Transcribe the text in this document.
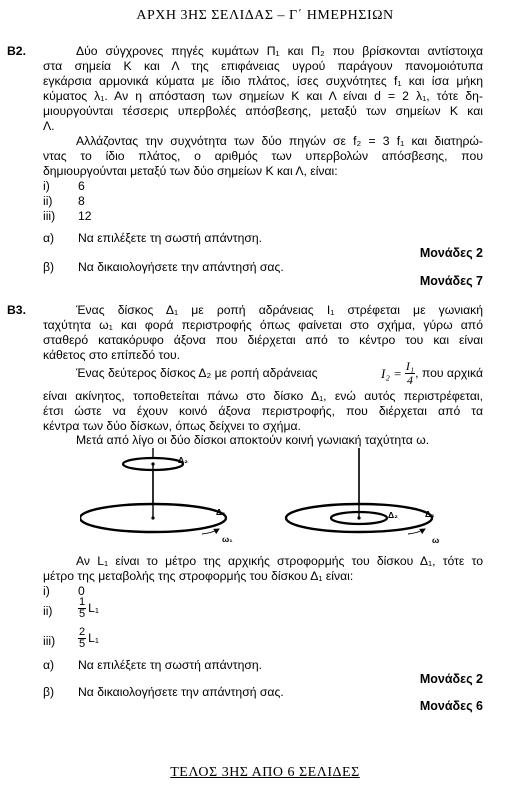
ΑΡΧΗ 3ΗΣ ΣΕΛΙΔΑΣ – Γ΄ ΗΜΕΡΗΣΙΩΝ
Β2.	Δύο σύγχρονες πηγές κυμάτων Π₁ και Π₂ που βρίσκονται αντίστοιχα
στα σημεία Κ και Λ της επιφάνειας υγρού παράγουν πανομοιότυπα
εγκάρσια αρμονικά κύματα με ίδιο πλάτος, ίσες συχνότητες f₁ και ίσα μήκη
κύματος λ₁. Αν η απόσταση των σημείων Κ και Λ είναι d = 2 λ₁, τότε δη-
μιουργούνται τέσσερις υπερβολές απόσβεσης, μεταξύ των σημείων Κ και
Λ.
Αλλάζοντας την συχνότητα των δύο πηγών σε f₂ = 3 f₁ και διατηρώ-
ντας το ίδιο πλάτος, ο αριθμός των υπερβολών απόσβεσης, που
δημιουργούνται μεταξύ των δύο σημείων Κ και Λ, είναι:
i) 6
ii) 8
iii) 12
α) Να επιλέξετε τη σωστή απάντηση.
Μονάδες 2
β) Να δικαιολογήσετε την απάντησή σας.
Μονάδες 7
Β3.	Ένας δίσκος Δ₁ με ροπή αδράνειας Ι₁ στρέφεται με γωνιακή
ταχύτητα ω₁ και φορά περιστροφής όπως φαίνεται στο σχήμα, γύρω από
σταθερό κατακόρυφο άξονα που διέρχεται από το κέντρο του και είναι
κάθετος στο επίπεδό του.
Ένας δεύτερος δίσκος Δ₂ με ροπή αδράνειας	$I_2 = \frac{\text{Ι₁}}{4}$ , που αρχικά
είναι ακίνητος, τοποθετείται πάνω στο δίσκο Δ₁, ενώ αυτός περιστρέφεται,
έτσι ώστε να έχουν κοινό άξονα περιστροφής, που διέρχεται από τα
κέντρα των δύο δίσκων, όπως δείχνει το σχήμα.
Μετά από λίγο οι δύο δίσκοι αποκτούν κοινή γωνιακή ταχύτητα ω.
Δ₂
Δ₁
ω₁
Δ₂	Δ₁
ω
Αν L₁ είναι το μέτρο της αρχικής στροφορμής του δίσκου Δ₁, τότε το
μέτρο της μεταβολής της στροφορμής του δίσκου Δ₁ είναι:
i) 0
$ii) \frac{1}{5} L_1$
$iii) \frac{2}{5} L_1$
α) Να επιλέξετε τη σωστή απάντηση.
Μονάδες 2
β) Να δικαιολογήσετε την απάντησή σας.
Μονάδες 6
ΤΕΛΟΣ 3ΗΣ ΑΠΟ 6 ΣΕΛΙΔΕΣ
